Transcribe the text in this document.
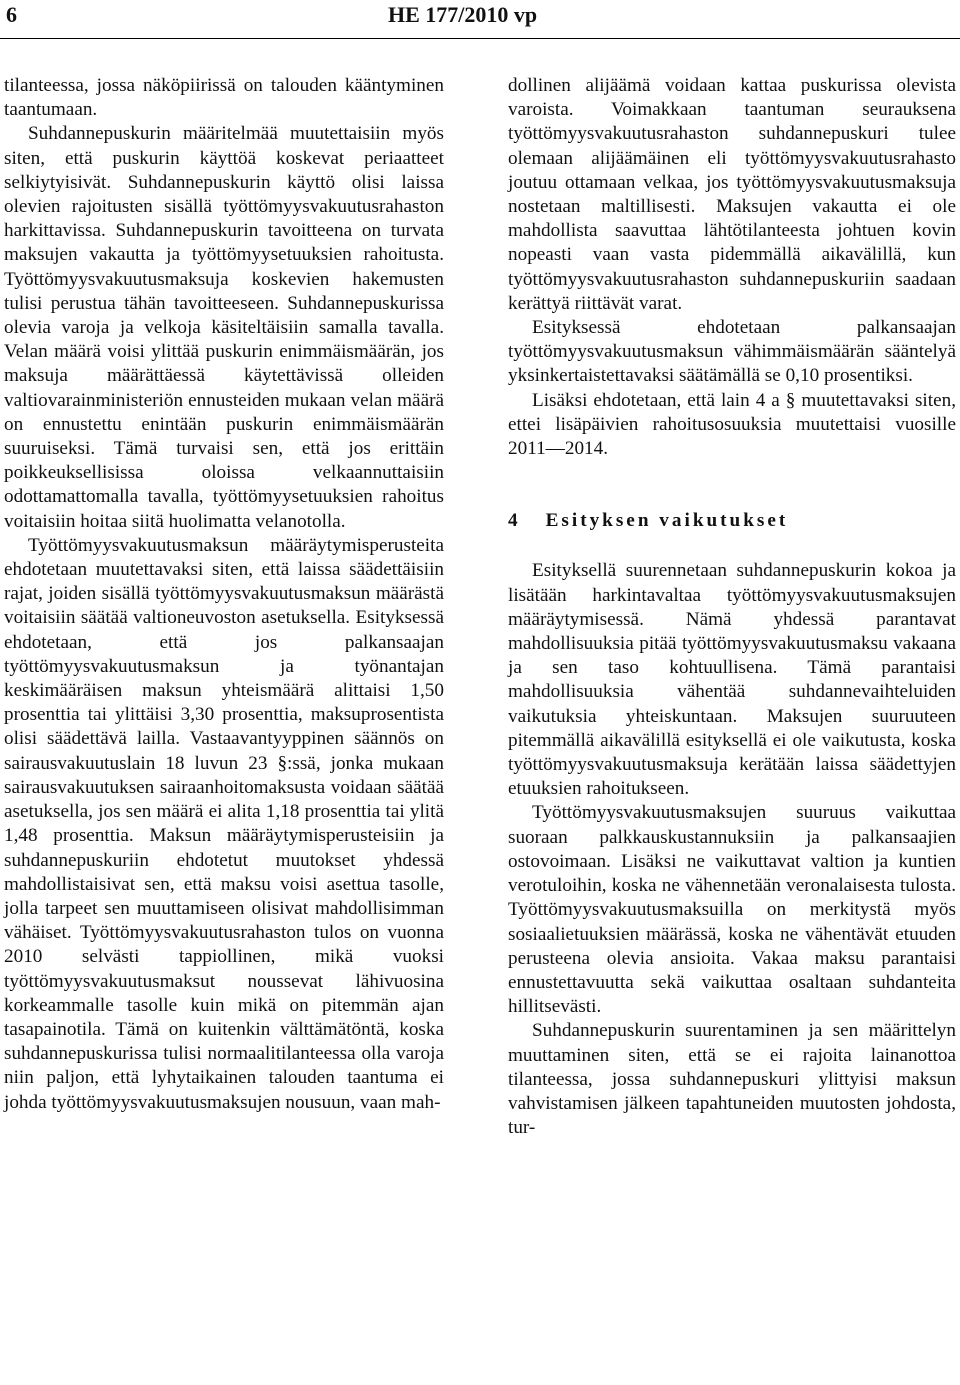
6	HE 177/2010 vp

tilanteessa, jossa näköpiirissä on talouden kääntyminen taantumaan.

Suhdannepuskurin määritelmää muutettaisiin myös siten, että puskurin käyttöä koskevat periaatteet selkiytyisivät. Suhdannepuskurin käyttö olisi laissa olevien rajoitusten sisällä työttömyysvakuutusrahaston harkittavissa. Suhdannepuskurin tavoitteena on turvata maksujen vakautta ja työttömyysetuuksien rahoitusta. Työttömyysvakuutusmaksuja koskevien hakemusten tulisi perustua tähän tavoitteeseen. Suhdannepuskurissa olevia varoja ja velkoja käsiteltäisiin samalla tavalla. Velan määrä voisi ylittää puskurin enimmäismäärän, jos maksuja määrättäessä käytettävissä olleiden valtiovarainministeriön ennusteiden mukaan velan määrä on ennustettu enintään puskurin enimmäismäärän suuruiseksi. Tämä turvaisi sen, että jos erittäin poikkeuksellisissa oloissa velkaannuttaisiin odottamattomalla tavalla, työttömyysetuuksien rahoitus voitaisiin hoitaa siitä huolimatta velanotolla.

Työttömyysvakuutusmaksun määräytymisperusteita ehdotetaan muutettavaksi siten, että laissa säädettäisiin rajat, joiden sisällä työttömyysvakuutusmaksun määrästä voitaisiin säätää valtioneuvoston asetuksella. Esityksessä ehdotetaan, että jos palkansaajan työttömyysvakuutusmaksun ja työnantajan keskimääräisen maksun yhteismäärä alittaisi 1,50 prosenttia tai ylittäisi 3,30 prosenttia, maksuprosentista olisi säädettävä lailla. Vastaavantyyppinen säännös on sairausvakuutuslain 18 luvun 23 §:ssä, jonka mukaan sairausvakuutuksen sairaanhoitomaksusta voidaan säätää asetuksella, jos sen määrä ei alita 1,18 prosenttia tai ylitä 1,48 prosenttia. Maksun määräytymisperusteisiin ja suhdannepuskuriin ehdotetut muutokset yhdessä mahdollistaisivat sen, että maksu voisi asettua tasolle, jolla tarpeet sen muuttamiseen olisivat mahdollisimman vähäiset. Työttömyysvakuutusrahaston tulos on vuonna 2010 selvästi tappiollinen, mikä vuoksi työttömyysvakuutusmaksut noussevat lähivuosina korkeammalle tasolle kuin mikä on pitemmän ajan tasapainotila. Tämä on kuitenkin välttämätöntä, koska suhdannepuskurissa tulisi normaalitilanteessa olla varoja niin paljon, että lyhytaikainen talouden taantuma ei johda työttömyysvakuutusmaksujen nousuun, vaan mah-

dollinen alijäämä voidaan kattaa puskurissa olevista varoista. Voimakkaan taantuman seurauksena työttömyysvakuutusrahaston suhdannepuskuri tulee olemaan alijäämäinen eli työttömyysvakuutusrahasto joutuu ottamaan velkaa, jos työttömyysvakuutusmaksuja nostetaan maltillisesti. Maksujen vakautta ei ole mahdollista saavuttaa lähtötilanteesta johtuen kovin nopeasti vaan vasta pidemmällä aikavälillä, kun työttömyysvakuutusrahaston suhdannepuskuriin saadaan kerättyä riittävät varat.

Esityksessä ehdotetaan palkansaajan työttömyysvakuutusmaksun vähimmäismäärän sääntelyä yksinkertaistettavaksi säätämällä se 0,10 prosentiksi.

Lisäksi ehdotetaan, että lain 4 a § muutettavaksi siten, ettei lisäpäivien rahoitusosuuksia muutettaisi vuosille 2011—2014.

4 Esityksen vaikutukset

Esityksellä suurennetaan suhdannepuskurin kokoa ja lisätään harkintavaltaa työttömyysvakuutusmaksujen määräytymisessä. Nämä yhdessä parantavat mahdollisuuksia pitää työttömyysvakuutusmaksu vakaana ja sen taso kohtuullisena. Tämä parantaisi mahdollisuuksia vähentää suhdannevaihteluiden vaikutuksia yhteiskuntaan. Maksujen suuruuteen pitemmällä aikavälillä esityksellä ei ole vaikutusta, koska työttömyysvakuutusmaksuja kerätään laissa säädettyjen etuuksien rahoitukseen.

Työttömyysvakuutusmaksujen suuruus vaikuttaa suoraan palkkauskustannuksiin ja palkansaajien ostovoimaan. Lisäksi ne vaikuttavat valtion ja kuntien verotuloihin, koska ne vähennetään veronalaisesta tulosta. Työttömyysvakuutusmaksuilla on merkitystä myös sosiaalietuuksien määrässä, koska ne vähentävät etuuden perusteena olevia ansioita. Vakaa maksu parantaisi ennustettavuutta sekä vaikuttaa osaltaan suhdanteita hillitsevästi.

Suhdannepuskurin suurentaminen ja sen määrittelyn muuttaminen siten, että se ei rajoita lainanottoa tilanteessa, jossa suhdannepuskuri ylittyisi maksun vahvistamisen jälkeen tapahtuneiden muutosten johdosta, tur-
